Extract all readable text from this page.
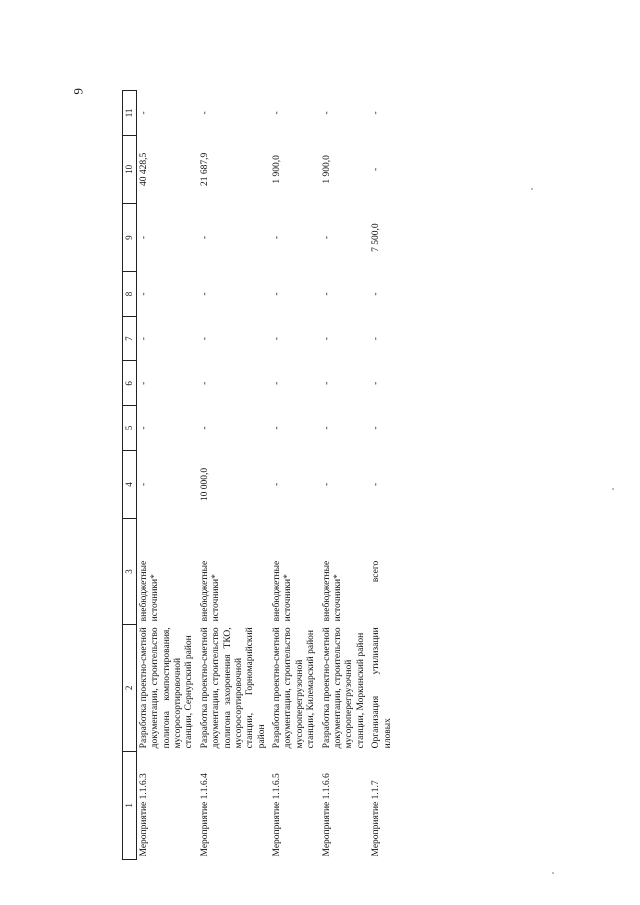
6
1	2	3	4	5	6	7	8	9	10	11
Мероприятие 1.1.6.3	Разработка проектно-сметной документации, строительство полигона компостирования, мусоросортировочной станции, Сернурский район	внебюджетные источники*	-	-	-	-	-	-	40 428,5	-
Мероприятие 1.1.6.4	Разработка проектно-сметной документации, строительство полигона захоронения ТКО, мусоросортировочной станции, Горномарийский район	внебюджетные источники*	10 000,0	-	-	-	-	-	21 687,9	-
Мероприятие 1.1.6.5	Разработка проектно-сметной документации, строительство мусороперегрузочной станции, Килемарский район	внебюджетные источники*	-	-	-	-	-	-	1 900,0	-
Мероприятие 1.1.6.6	Разработка проектно-сметной документации, строительство мусороперегрузочной станции, Моркинский район	внебюджетные источники*	-	-	-	-	-	-	1 900,0	-
Мероприятие 1.1.7	Организация утилизации иловых	всего	-	-	-	-	-	7 500,0	-	-
